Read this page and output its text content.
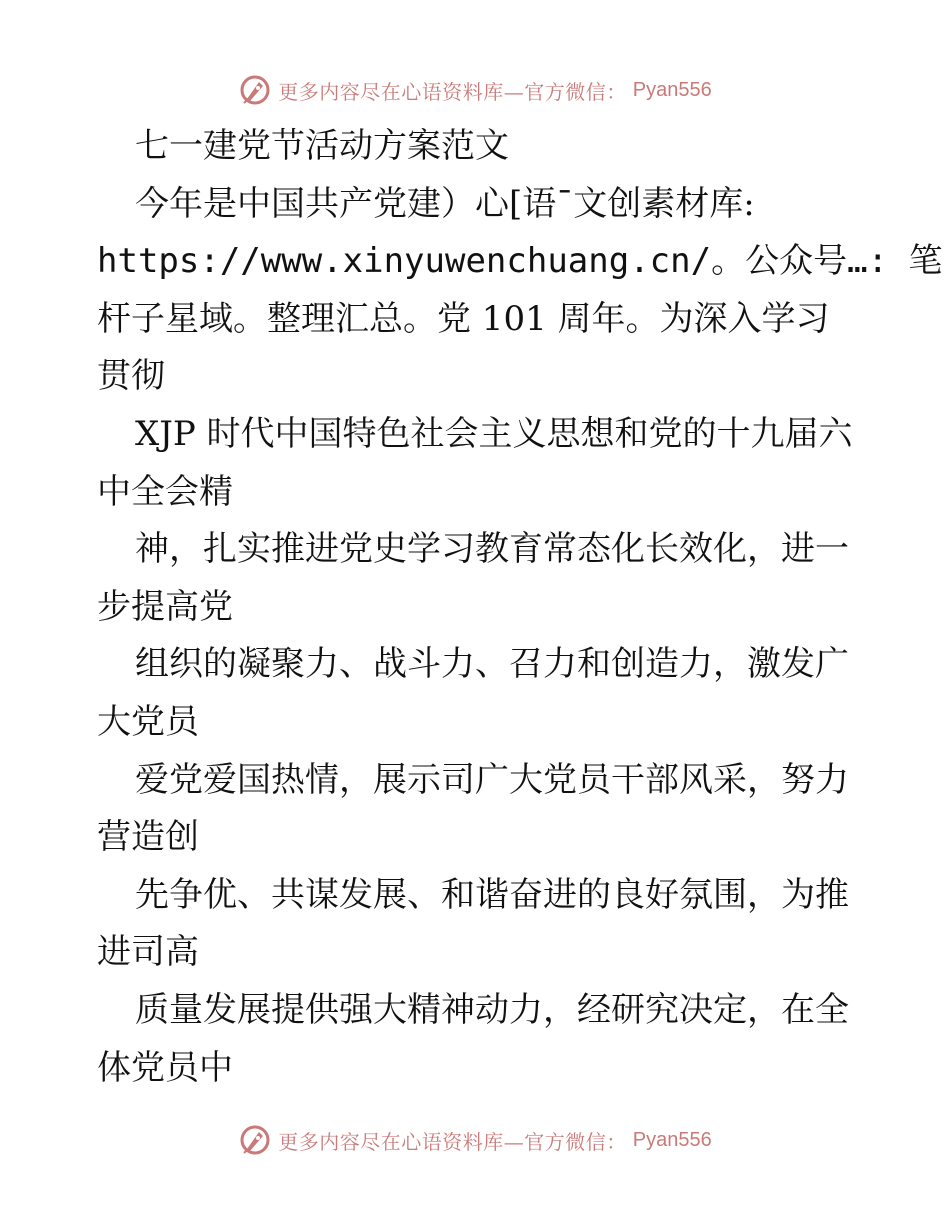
更多内容尽在心语资料库—官方微信： Pyan556
七一建党节活动方案范文
今年是中国共产党建）心[语¯文创素材库:
https://www.xinyuwenchuang.cn/。公众号…: 笔
杆子星域。整理汇总。党 101 周年。为深入学习
贯彻
XJP 时代中国特色社会主义思想和党的十九届六
中全会精
神，扎实推进党史学习教育常态化长效化，进一
步提高党
组织的凝聚力、战斗力、召力和创造力，激发广
大党员
爱党爱国热情，展示司广大党员干部风采，努力
营造创
先争优、共谋发展、和谐奋进的良好氛围，为推
进司高
质量发展提供强大精神动力，经研究决定，在全
体党员中
更多内容尽在心语资料库—官方微信： Pyan556
